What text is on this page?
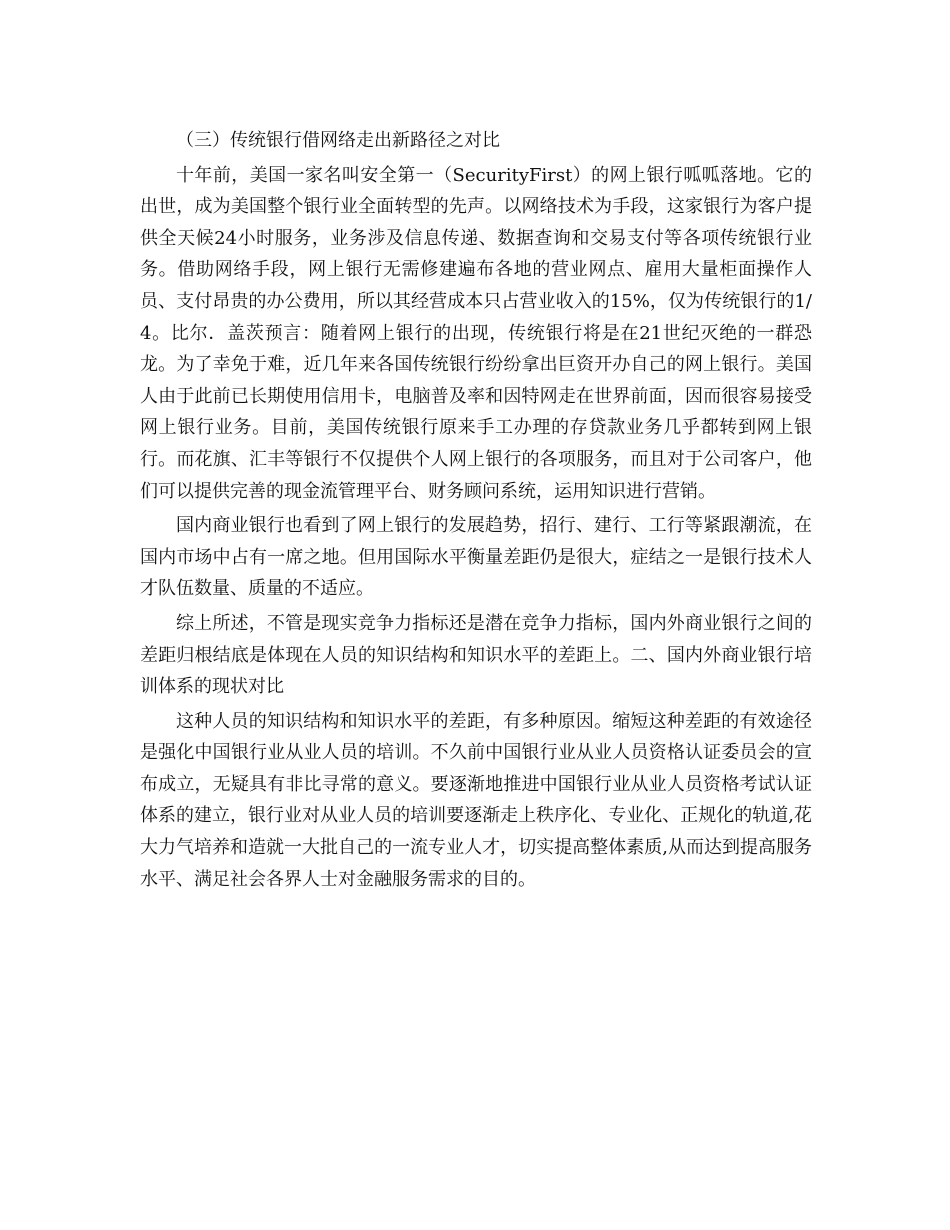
（三）传统银行借网络走出新路径之对比

十年前，美国一家名叫安全第一（SecurityFirst）的网上银行呱呱落地。它的出世，成为美国整个银行业全面转型的先声。以网络技术为手段，这家银行为客户提供全天候24小时服务，业务涉及信息传递、数据查询和交易支付等各项传统银行业务。借助网络手段，网上银行无需修建遍布各地的营业网点、雇用大量柜面操作人员、支付昂贵的办公费用，所以其经营成本只占营业收入的15%，仅为传统银行的1/4。比尔．盖茨预言：随着网上银行的出现，传统银行将是在21世纪灭绝的一群恐龙。为了幸免于难，近几年来各国传统银行纷纷拿出巨资开办自己的网上银行。美国人由于此前已长期使用信用卡，电脑普及率和因特网走在世界前面，因而很容易接受网上银行业务。目前，美国传统银行原来手工办理的存贷款业务几乎都转到网上银行。而花旗、汇丰等银行不仅提供个人网上银行的各项服务，而且对于公司客户，他们可以提供完善的现金流管理平台、财务顾问系统，运用知识进行营销。

国内商业银行也看到了网上银行的发展趋势，招行、建行、工行等紧跟潮流，在国内市场中占有一席之地。但用国际水平衡量差距仍是很大，症结之一是银行技术人才队伍数量、质量的不适应。

综上所述，不管是现实竞争力指标还是潜在竞争力指标，国内外商业银行之间的差距归根结底是体现在人员的知识结构和知识水平的差距上。二、国内外商业银行培训体系的现状对比

这种人员的知识结构和知识水平的差距，有多种原因。缩短这种差距的有效途径是强化中国银行业从业人员的培训。不久前中国银行业从业人员资格认证委员会的宣布成立，无疑具有非比寻常的意义。要逐渐地推进中国银行业从业人员资格考试认证体系的建立，银行业对从业人员的培训要逐渐走上秩序化、专业化、正规化的轨道,花大力气培养和造就一大批自己的一流专业人才，切实提高整体素质,从而达到提高服务水平、满足社会各界人士对金融服务需求的目的。
